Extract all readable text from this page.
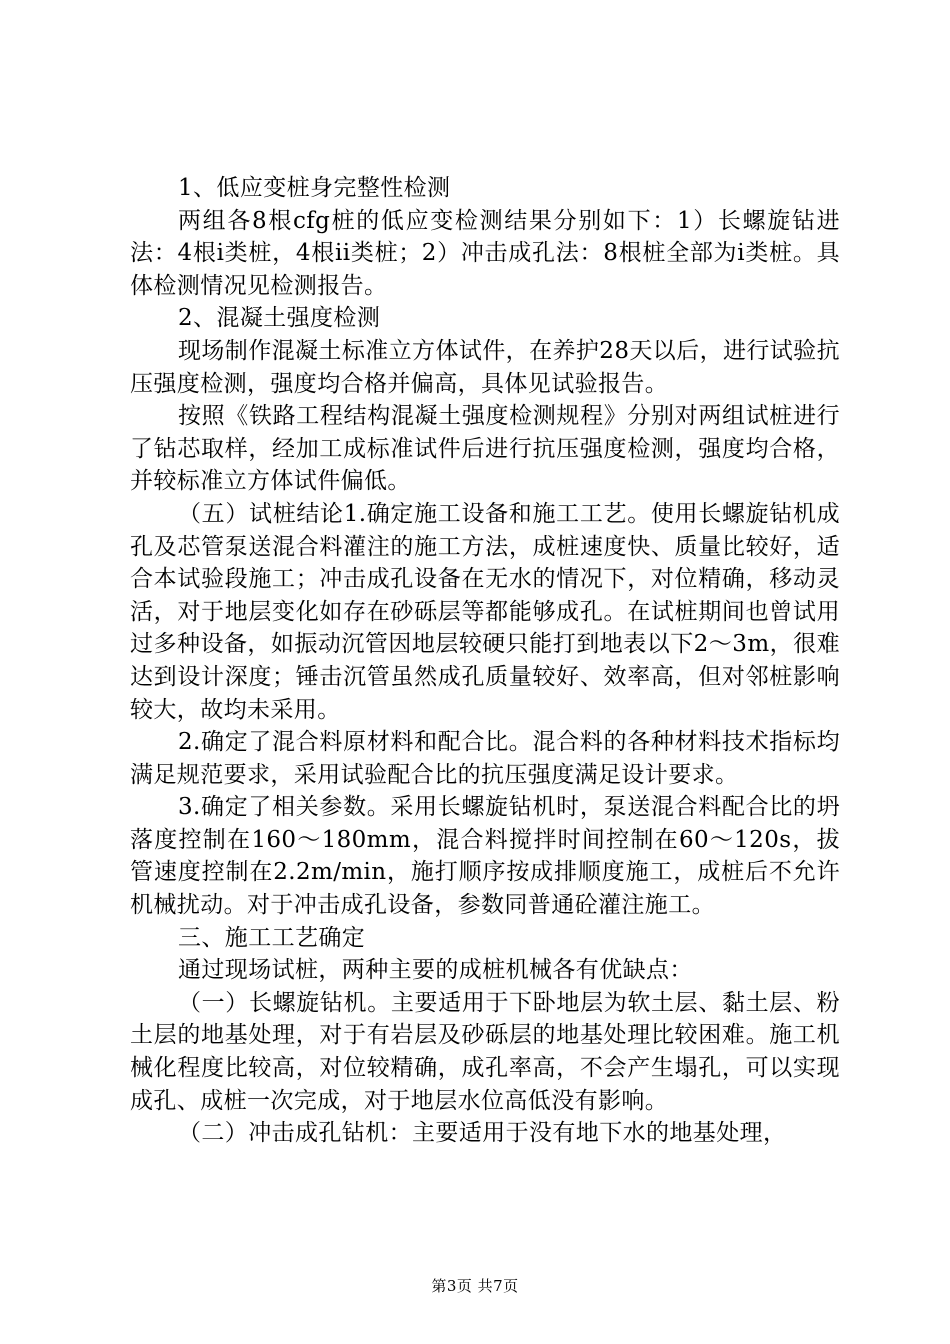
1、低应变桩身完整性检测

两组各8根cfg桩的低应变检测结果分别如下：1）长螺旋钻进法：4根i类桩，4根ii类桩；2）冲击成孔法：8根桩全部为i类桩。具体检测情况见检测报告。

2、混凝土强度检测

现场制作混凝土标准立方体试件，在养护28天以后，进行试验抗压强度检测，强度均合格并偏高，具体见试验报告。

按照《铁路工程结构混凝土强度检测规程》分别对两组试桩进行了钻芯取样，经加工成标准试件后进行抗压强度检测，强度均合格，并较标准立方体试件偏低。

（五）试桩结论1.确定施工设备和施工工艺。使用长螺旋钻机成孔及芯管泵送混合料灌注的施工方法，成桩速度快、质量比较好，适合本试验段施工；冲击成孔设备在无水的情况下，对位精确，移动灵活，对于地层变化如存在砂砾层等都能够成孔。在试桩期间也曾试用过多种设备，如振动沉管因地层较硬只能打到地表以下2～3m，很难达到设计深度；锤击沉管虽然成孔质量较好、效率高，但对邻桩影响较大，故均未采用。

2.确定了混合料原材料和配合比。混合料的各种材料技术指标均满足规范要求，采用试验配合比的抗压强度满足设计要求。

3.确定了相关参数。采用长螺旋钻机时，泵送混合料配合比的坍落度控制在160～180mm，混合料搅拌时间控制在60～120s，拔管速度控制在2.2m/min，施打顺序按成排顺度施工，成桩后不允许机械扰动。对于冲击成孔设备，参数同普通砼灌注施工。

三、施工工艺确定

通过现场试桩，两种主要的成桩机械各有优缺点：

（一）长螺旋钻机。主要适用于下卧地层为软土层、黏土层、粉土层的地基处理，对于有岩层及砂砾层的地基处理比较困难。施工机械化程度比较高，对位较精确，成孔率高，不会产生塌孔，可以实现成孔、成桩一次完成，对于地层水位高低没有影响。

（二）冲击成孔钻机：主要适用于没有地下水的地基处理，

第3页 共7页
